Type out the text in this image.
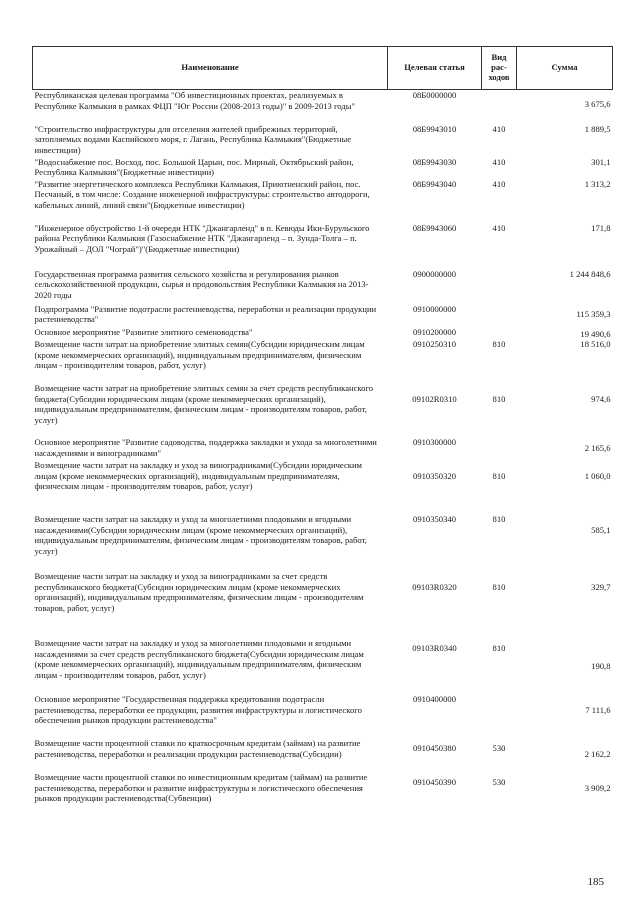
Наименование	Целевая статья	Вид рас- ходов	Сумма
Республиканская целевая программа "Об инвестиционных проектах, реализуемых в Республике Калмыкия в рамках ФЦП "Юг России (2008-2013 годы)" в 2009-2013 годы"	08Б0000000		3 675,6
"Строительство инфраструктуры для отселения жителей прибрежных территорий, затопляемых водами Каспийского моря, г. Лагань, Республика Калмыкия"(Бюджетные инвестиции)	08Б9943010	410	1 889,5
"Водоснабжение пос. Восход, пос. Большой Царын, пос. Мирный, Октябрьский район, Республика Калмыкия"(Бюджетные инвестиции)	08Б9943030	410	301,1
"Развитие энергетического комплекса Республики Калмыкия, Приютненский район, пос. Песчаный, в том числе: Создание инженерной инфраструктуры: строительство автодороги, кабельных линий, линий связи"(Бюджетные инвестиции)	08Б9943040	410	1 313,2
"Инженерное обустройство 1-й очереди НТК "Джангарленд" в п. Кевюды Ики-Бурульского района Республики Калмыкия (Газоснабжение НТК "Джангарленд – п. Зунда-Толга – п. Урожайный – ДОЛ "Чограй")"(Бюджетные инвестиции)	08Б9943060	410	171,8
Государственная программа развития сельского хозяйства и регулирования рынков сельскохозяйственной продукции, сырья и продовольствия Республики Калмыкия на 2013-2020 годы	0900000000		1 244 848,6
Подпрограмма "Развитие подотрасли растениеводства, переработки и реализации продукции растениеводства"	0910000000		115 359,3
Основное мероприятие "Развитие элитного семеноводства"	0910200000		19 490,6
Возмещение части затрат на приобретение элитных семян(Субсидии юридическим лицам (кроме некоммерческих организаций), индивидуальным предпринимателям, физическим лицам - производителям товаров, работ, услуг)	0910250310	810	18 516,0
Возмещение части затрат на приобретение элитных семян за счет средств республиканского бюджета(Субсидии юридическим лицам (кроме некоммерческих организаций), индивидуальным предпринимателям, физическим лицам - производителям товаров, работ, услуг)	09102R0310	810	974,6
Основное мероприятие "Развитие садоводства, поддержка закладки и ухода за многолетними насаждениями и виноградниками"	0910300000		2 165,6
Возмещение части затрат на закладку и уход за виноградниками(Субсидии юридическим лицам (кроме некоммерческих организаций), индивидуальным предпринимателям, физическим лицам - производителям товаров, работ, услуг)	0910350320	810	1 060,0
Возмещение части затрат на закладку и уход за многолетними плодовыми и ягодными насаждениями(Субсидии юридическим лицам (кроме некоммерческих организаций), индивидуальным предпринимателям, физическим лицам - производителям товаров, работ, услуг)	0910350340	810	585,1
Возмещение части затрат на закладку и уход за виноградниками за счет средств республиканского бюджета(Субсидии юридическим лицам (кроме некоммерческих организаций), индивидуальным предпринимателям, физическим лицам - производителям товаров, работ, услуг)	09103R0320	810	329,7
Возмещение части затрат на закладку и уход за многолетними плодовыми и ягодными насаждениями за счет средств республиканского бюджета(Субсидии юридическим лицам (кроме некоммерческих организаций), индивидуальным предпринимателям, физическим лицам - производителям товаров, работ, услуг)	09103R0340	810	190,8
Основное мероприятие "Государственная поддержка кредитования подотрасли растениеводства, переработки ее продукции, развития инфраструктуры и логистического обеспечения рынков продукции растениеводства"	0910400000		7 111,6
Возмещение части процентной ставки по краткосрочным кредитам (займам) на развитие растениеводства, переработки и реализации продукции растениеводства(Субсидии)	0910450380	530	2 162,2
Возмещение части процентной ставки по инвестиционным кредитам (займам) на развитие растениеводства, переработки и развитие инфраструктуры и логистического обеспечения рынков продукции растениеводства(Субвенции)	0910450390	530	3 909,2
185
